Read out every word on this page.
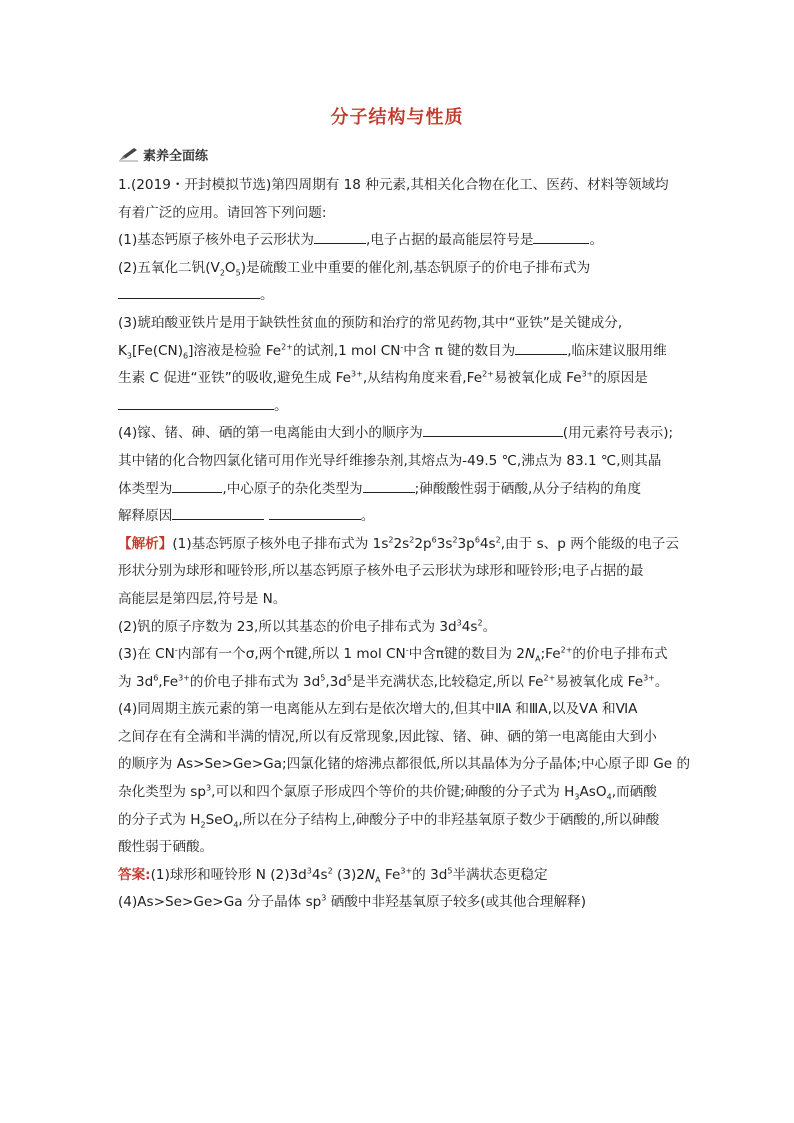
分子结构与性质
素养全面练
1.(2019・开封模拟节选)第四周期有 18 种元素,其相关化合物在化工、医药、材料等领域均
有着广泛的应用。请回答下列问题:
(1)基态钙原子核外电子云形状为	,电子占据的最高能层符号是	。
(2)五氧化二钒$(V_2O_5)$是硫酸工业中重要的催化剂,基态钒原子的价电子排布式为
。
(3)琥珀酸亚铁片是用于缺铁性贫血的预防和治疗的常见药物,其中“亚铁”是关键成分,
$K_3[Fe(CN)_6]$溶液是检验 $Fe^{2+}$的试剂,1 mol CN-中含 π 键的数目为	,临床建议服用维
生素 C 促进“亚铁”的吸收,避免生成 $Fe^{3+}$,从结构角度来看$,Fe^{2+}$易被氧化成 $Fe^{3+}$的原因是
。
(4)镓、锗、砷、硒的第一电离能由大到小的顺序为	(用元素符号表示);
其中锗的化合物四氯化锗可用作光导纤维掺杂剂,其熔点为-49.5 ℃,沸点为 83.1 ℃,则其晶
体类型为	,中心原子的杂化类型为	;砷酸酸性弱于硒酸,从分子结构的角度
解释原因	。
【解析】(1)基态钙原子核外电子排布式为 $1s^22s^22p^63s^23p^64s^2$,由于 s、p 两个能级的电子云
形状分别为球形和哑铃形,所以基态钙原子核外电子云形状为球形和哑铃形;电子占据的最
高能层是第四层,符号是 N。
(2)钒的原子序数为 23,所以其基态的价电子排布式为 $3d^34s^2$。
(3)在 CN-内部有一个σ,两个π键,所以 1 mol CN-中含π键的数目为 $2N_A;Fe^{2+}$的价电子排布式
为 $3d^6,Fe^{3+}$的价电子排布式为 $3d^5,3d^5$是半充满状态,比较稳定,所以 $Fe^{2+}$易被氧化成 $Fe^{3+}$。
(4)同周期主族元素的第一电离能从左到右是依次增大的,但其中ⅡA 和ⅢA,以及ⅤA 和ⅥA
之间存在有全满和半满的情况,所以有反常现象,因此镓、锗、砷、硒的第一电离能由大到小
的顺序为 As>Se>Ge>Ga;四氯化锗的熔沸点都很低,所以其晶体为分子晶体;中心原子即 Ge 的
杂化类型为 $sp^3$,可以和四个氯原子形成四个等价的共价键;砷酸的分子式为 $H_3AsO_4$,而硒酸
的分子式为 $H_2SeO_4$,所以在分子结构上,砷酸分子中的非羟基氧原子数少于硒酸的,所以砷酸
酸性弱于硒酸。
答案:(1)球形和哑铃形 N $(2)3d^34s^2$ $(3)2N_A$ $Fe^{3+}$的 $3d^5$半满状态更稳定
(4)As>Se>Ge>Ga 分子晶体 $sp^3$ 硒酸中非羟基氧原子较多(或其他合理解释)
